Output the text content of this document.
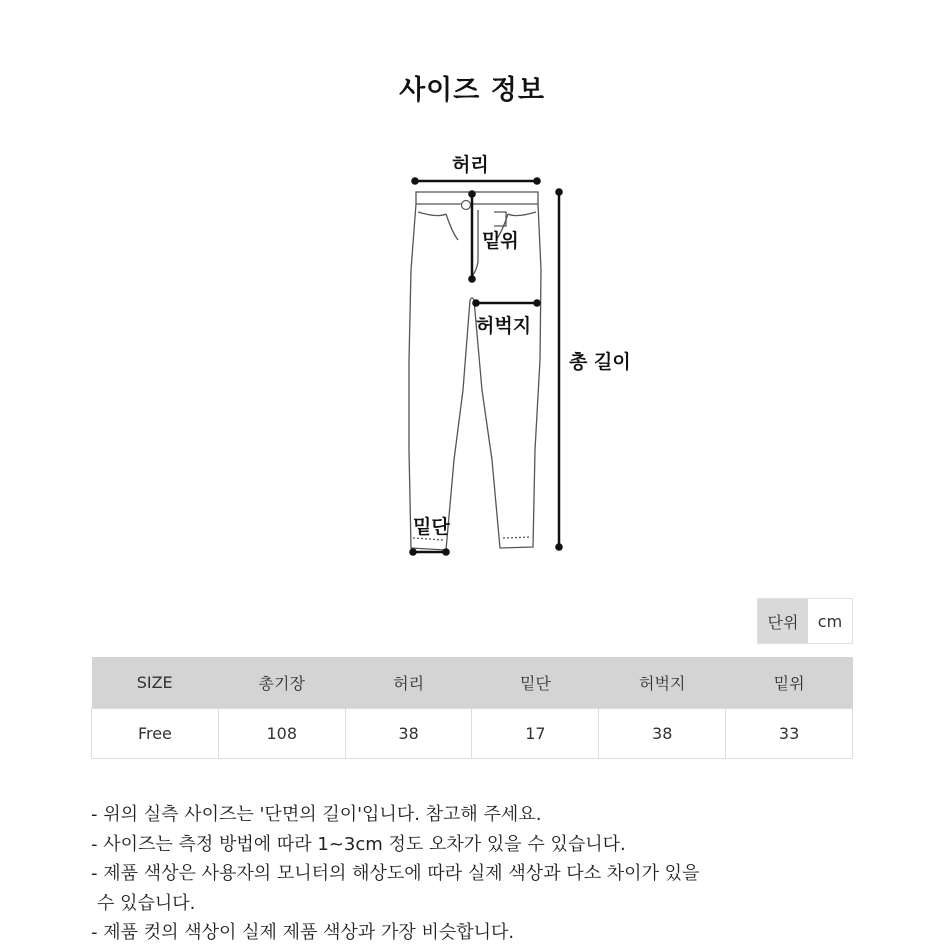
사이즈 정보
허리
밑위
허벅지
총 길이
밑단
단위	cm
SIZE	총기장	허리	밑단	허벅지	밑위
Free	108	38	17	38	33
- 위의 실측 사이즈는 '단면의 길이'입니다. 참고해 주세요.
- 사이즈는 측정 방법에 따라 1~3cm 정도 오차가 있을 수 있습니다.
- 제품 색상은 사용자의 모니터의 해상도에 따라 실제 색상과 다소 차이가 있을
수 있습니다.
- 제품 컷의 색상이 실제 제품 색상과 가장 비슷합니다.
